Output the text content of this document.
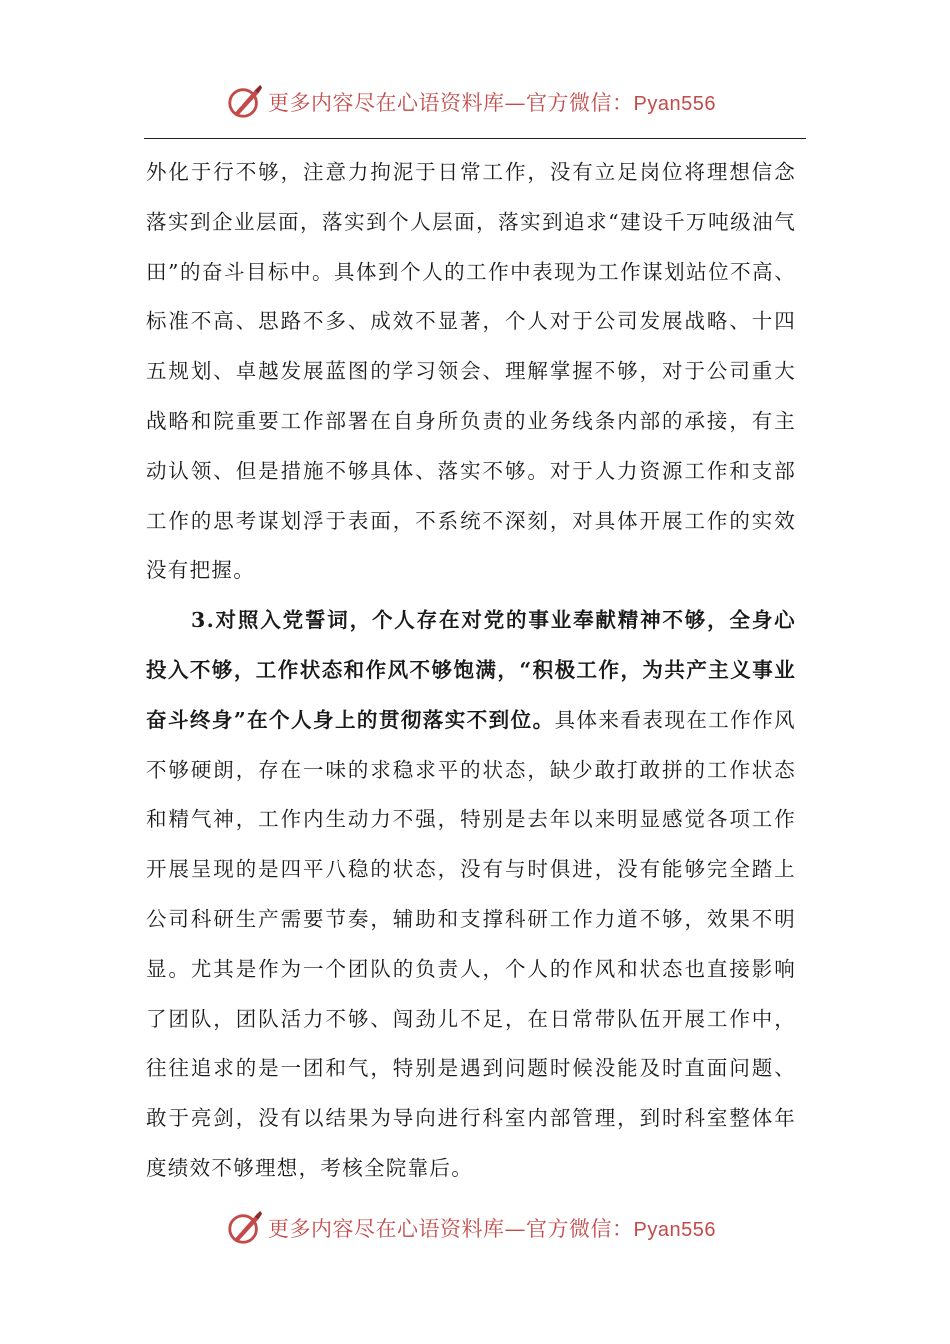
更多内容尽在心语资料库—官方微信：Pyan556

外化于行不够，注意力拘泥于日常工作，没有立足岗位将理想信念落实到企业层面，落实到个人层面，落实到追求“建设千万吨级油气田”的奋斗目标中。具体到个人的工作中表现为工作谋划站位不高、标准不高、思路不多、成效不显著，个人对于公司发展战略、十四五规划、卓越发展蓝图的学习领会、理解掌握不够，对于公司重大战略和院重要工作部署在自身所负责的业务线条内部的承接，有主动认领、但是措施不够具体、落实不够。对于人力资源工作和支部工作的思考谋划浮于表面，不系统不深刻，对具体开展工作的实效没有把握。

3.对照入党誓词，个人存在对党的事业奉献精神不够，全身心投入不够，工作状态和作风不够饱满，“积极工作，为共产主义事业奋斗终身”在个人身上的贯彻落实不到位。具体来看表现在工作作风不够硬朗，存在一味的求稳求平的状态，缺少敢打敢拼的工作状态和精气神，工作内生动力不强，特别是去年以来明显感觉各项工作开展呈现的是四平八稳的状态，没有与时俱进，没有能够完全踏上公司科研生产需要节奏，辅助和支撑科研工作力道不够，效果不明显。尤其是作为一个团队的负责人，个人的作风和状态也直接影响了团队，团队活力不够、闯劲儿不足，在日常带队伍开展工作中，往往追求的是一团和气，特别是遇到问题时候没能及时直面问题、敢于亮剑，没有以结果为导向进行科室内部管理，到时科室整体年度绩效不够理想，考核全院靠后。

更多内容尽在心语资料库—官方微信：Pyan556
